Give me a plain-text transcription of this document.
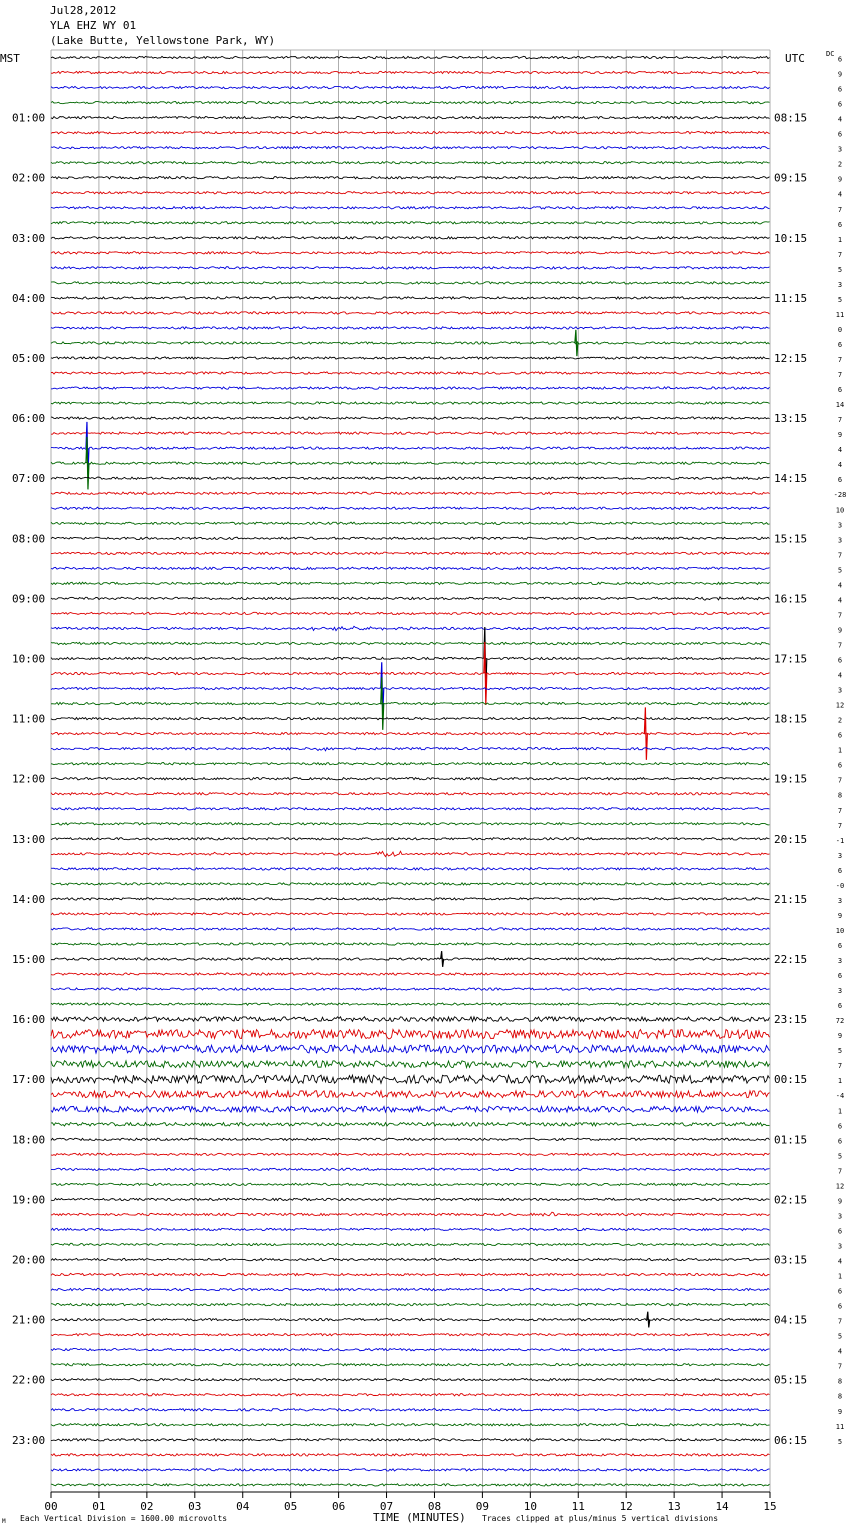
Jul28,2012
YLA EHZ WY 01
(Lake Butte, Yellowstone Park, WY)
MST	UTC	DC
6
9
6
6
4
6
3
2
9
4
7
6
1
7
5
3
5
11
0
6
7
7
6
14
7
9
4
4
6
-28
10
3
3
7
5
4
4
7
9
7
6
4
3
12
2
6
1
6
7
8
7
7
-1
3
6
-0
3
9
10
6
3
6
3
6
72
9
5
7
1
-4
1
6
6
5
7
12
9
3
6
3
4
1
6
6
7
5
4
7
8
8
9
11
5
01:00
02:00
03:00
04:00
05:00
06:00
07:00
08:00
09:00
10:00
11:00
12:00
13:00
14:00
15:00
16:00
17:00
18:00
19:00
20:00
21:00
22:00
23:00
08:15
09:15
10:15
11:15
12:15
13:15
14:15
15:15
16:15
17:15
18:15
19:15
20:15
21:15
22:15
23:15
00:15
01:15
02:15
03:15
04:15
05:15
06:15
00	01	02	03	04	05	06	07	08	09	10	11	12	13	14	15
M Each Vertical Division = 1600.00 microvolts	TIME (MINUTES) Traces clipped at plus/minus 5 vertical divisions
